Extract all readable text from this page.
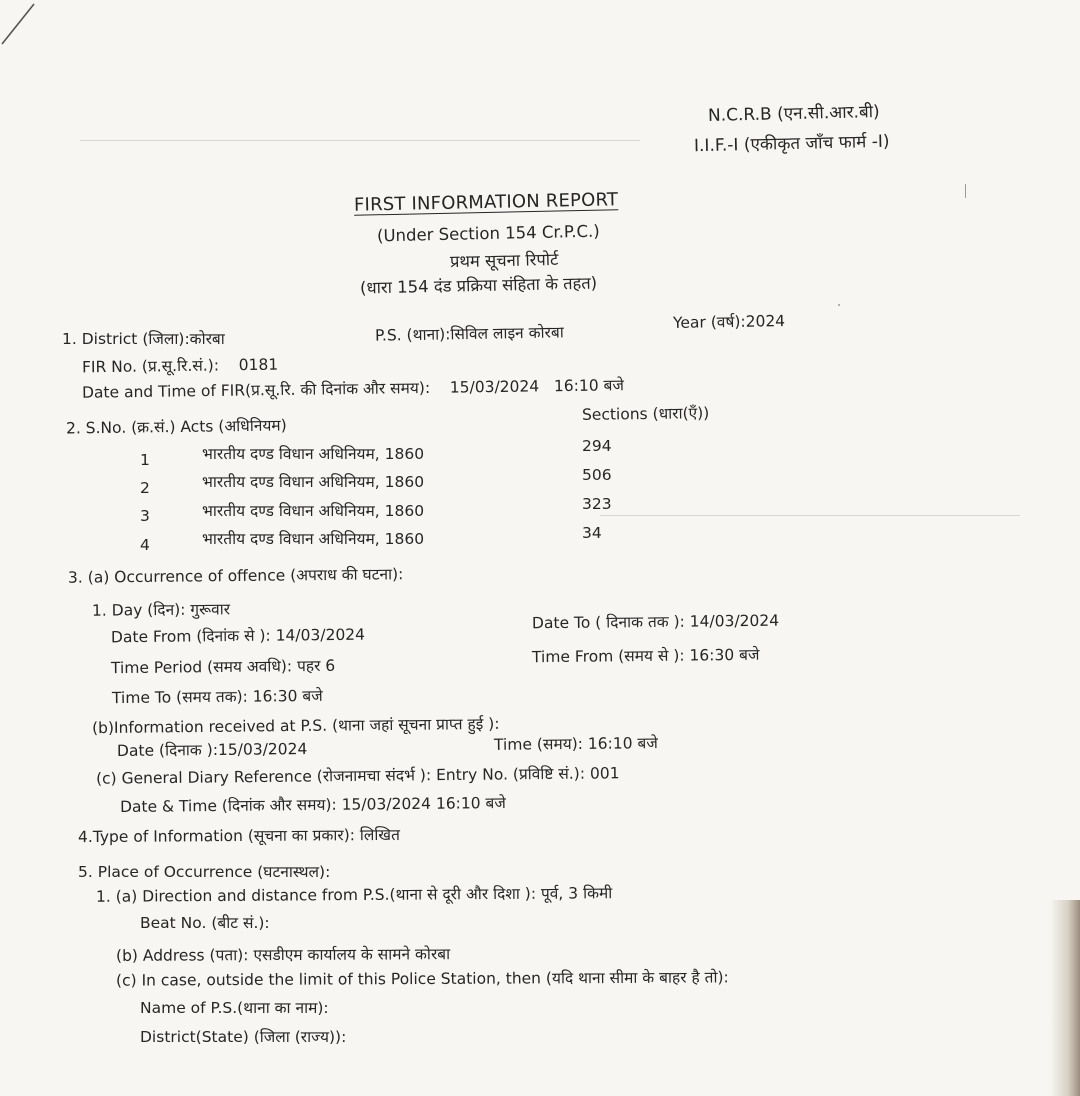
N.C.R.B (एन.सी.आर.बी)
I.I.F.-I (एकीकृत जाँच फार्म -I)
FIRST INFORMATION REPORT
(Under Section 154 Cr.P.C.)
प्रथम सूचना रिपोर्ट
(धारा 154 दंड प्रक्रिया संहिता के तहत)
1. District (जिला):कोरबा	P.S. (थाना):सिविल लाइन कोरबा
Year (वर्ष):2024
FIR No. (प्र.सू.रि.सं.): 0181
Date and Time of FIR(प्र.सू.रि. की दिनांक और समय): 15/03/2024 16:10 बजे
2. S.No. (क्र.सं.) Acts (अधिनियम)
Sections (धारा(एँ))
1	भारतीय दण्ड विधान अधिनियम, 1860	294
2	भारतीय दण्ड विधान अधिनियम, 1860	506
3	भारतीय दण्ड विधान अधिनियम, 1860	323
4	भारतीय दण्ड विधान अधिनियम, 1860	34
3. (a) Occurrence of offence (अपराध की घटना):
1. Day (दिन): गुरूवार
Date From (दिनांक से ): 14/03/2024
Date To ( दिनाक तक ): 14/03/2024
Time Period (समय अवधि): पहर 6
Time From (समय से ): 16:30 बजे
Time To (समय तक): 16:30 बजे
(b)Information received at P.S. (थाना जहां सूचना प्राप्त हुई ):
Date (दिनाक ):15/03/2024	Time (समय): 16:10 बजे
(c) General Diary Reference (रोजनामचा संदर्भ ): Entry No. (प्रविष्टि सं.): 001
Date & Time (दिनांक और समय): 15/03/2024 16:10 बजे
4.Type of Information (सूचना का प्रकार): लिखित
5. Place of Occurrence (घटनास्थल):
1. (a) Direction and distance from P.S.(थाना से दूरी और दिशा ): पूर्व, 3 किमी
Beat No. (बीट सं.):
(b) Address (पता): एसडीएम कार्यालय के सामने कोरबा
(c) In case, outside the limit of this Police Station, then (यदि थाना सीमा के बाहर है तो):
Name of P.S.(थाना का नाम):
District(State) (जिला (राज्य)):
